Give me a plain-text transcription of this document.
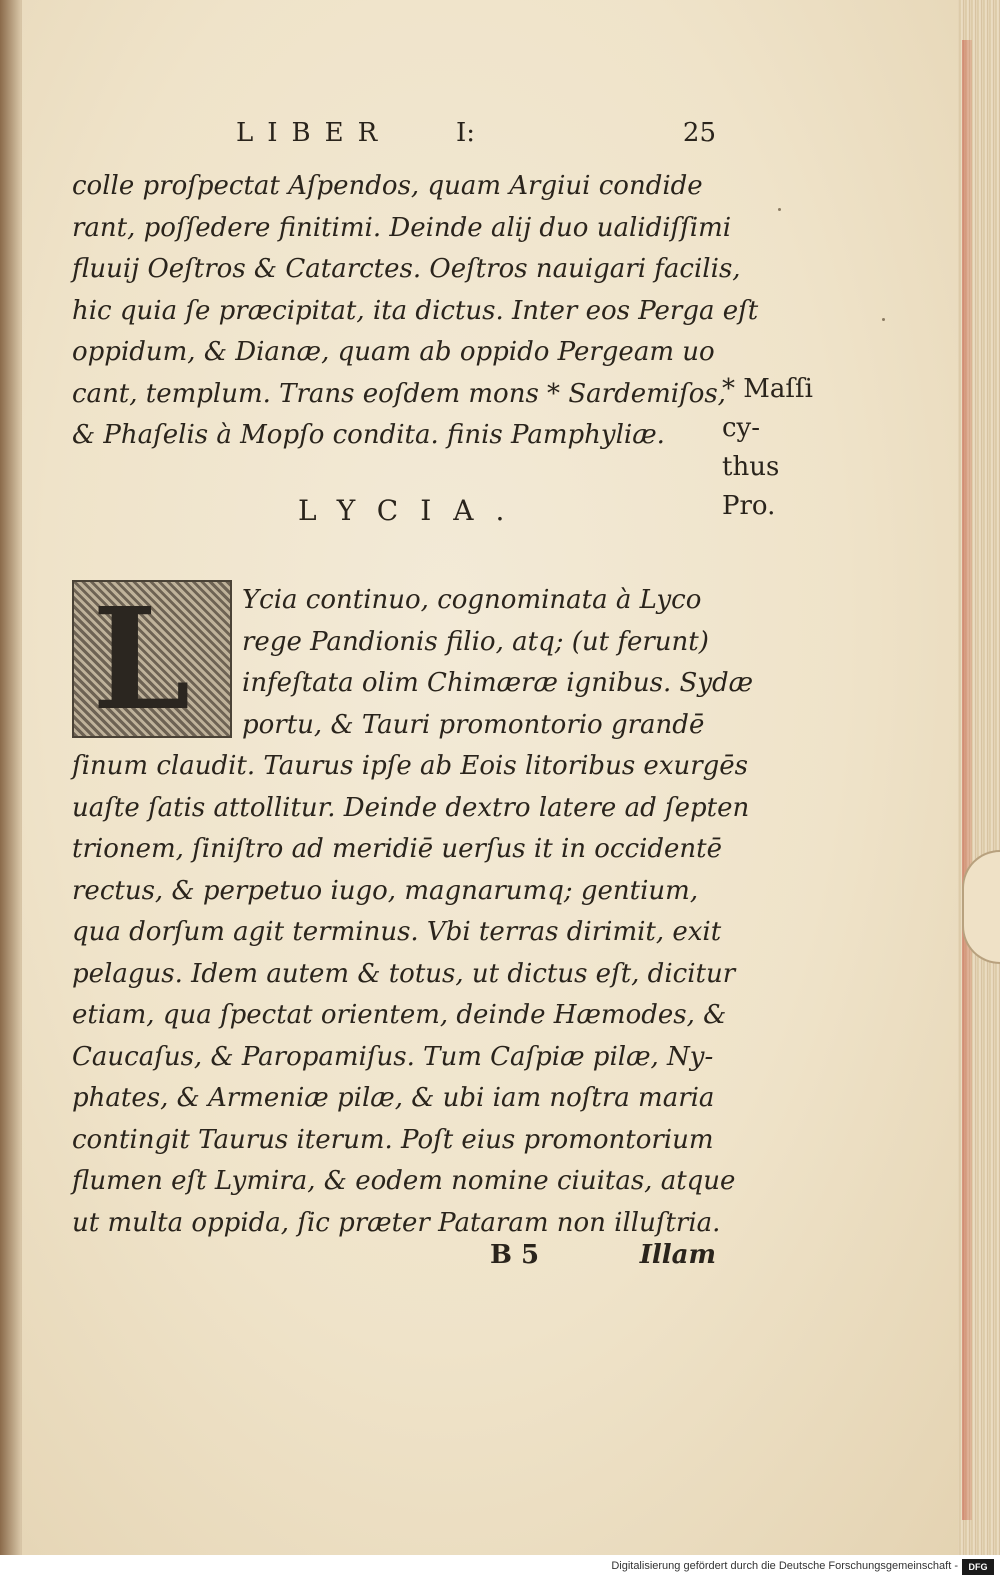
LIBER I:	25
colle proſpectat Aſpendos, quam Argiui condide
rant, poſſedere finitimi. Deinde alij duo ualidiſſimi
fluuij Oeſtros & Catarctes. Oeſtros nauigari facilis,
hic quia ſe præcipitat, ita dictus. Inter eos Perga eſt
oppidum, & Dianæ, quam ab oppido Pergeam uo
cant, templum. Trans eoſdem mons * Sardemiſos,
& Phaſelis à Mopſo condita. finis Pamphyliæ.
* Maſſi
cy-
thus
Pro.
LYCIA.
L Ycia continuo, cognominata à Lyco
rege Pandionis filio, atq; (ut ferunt)
infeſtata olim Chimæræ ignibus. Sydæ
portu, & Tauri promontorio grandē
ſinum claudit. Taurus ipſe ab Eois litoribus exurgēs
uaſte ſatis attollitur. Deinde dextro latere ad ſepten
trionem, ſiniſtro ad meridiē uerſus it in occidentē
rectus, & perpetuo iugo, magnarumq; gentium,
qua dorſum agit terminus. Vbi terras dirimit, exit
pelagus. Idem autem & totus, ut dictus eſt, dicitur
etiam, qua ſpectat orientem, deinde Hæmodes, &
Caucaſus, & Paropamiſus. Tum Caſpiæ pilæ, Ny-
phates, & Armeniæ pilæ, & ubi iam noſtra maria
contingit Taurus iterum. Poſt eius promontorium
flumen eſt Lymira, & eodem nomine ciuitas, atque
ut multa oppida, ſic præter Pataram non illuſtria.
B 5	Illam
Digitalisierung gefördert durch die Deutsche Forschungsgemeinschaft -	DFG
